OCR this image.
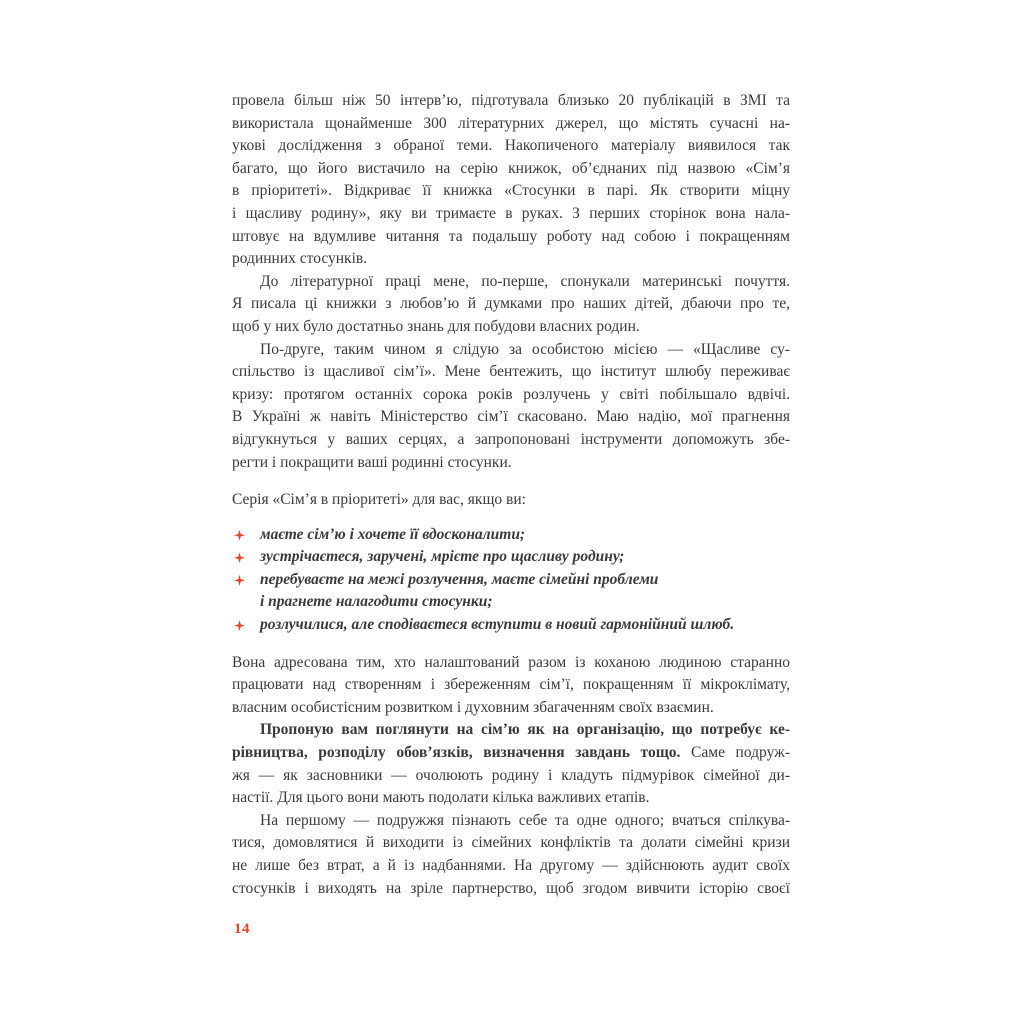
провела більш ніж 50 інтерв’ю, підготувала близько 20 публікацій в ЗМІ та
використала щонайменше 300 літературних джерел, що містять сучасні на-
укові дослідження з обраної теми. Накопиченого матеріалу виявилося так
багато, що його вистачило на серію книжок, об’єднаних під назвою «Сім’я
в пріоритеті». Відкриває її книжка «Стосунки в парі. Як створити міцну
і щасливу родину», яку ви тримаєте в руках. З перших сторінок вона нала-
штовує на вдумливе читання та подальшу роботу над собою і покращенням
родинних стосунків.
До літературної праці мене, по-перше, спонукали материнські почуття.
Я писала ці книжки з любов’ю й думками про наших дітей, дбаючи про те,
щоб у них було достатньо знань для побудови власних родин.
По-друге, таким чином я слідую за особистою місією — «Щасливе су-
спільство із щасливої сім’ї». Мене бентежить, що інститут шлюбу переживає
кризу: протягом останніх сорока років розлучень у світі побільшало вдвічі.
В Україні ж навіть Міністерство сім’ї скасовано. Маю надію, мої прагнення
відгукнуться у ваших серцях, а запропоновані інструменти допоможуть збе-
регти і покращити ваші родинні стосунки.
Серія «Сім’я в пріоритеті» для вас, якщо ви:
маєте сім’ю і хочете її вдосконалити;
зустрічаєтеся, заручені, мрієте про щасливу родину;
перебуваєте на межі розлучення, маєте сімейні проблеми
і прагнете налагодити стосунки;
розлучилися, але сподіваєтеся вступити в новий гармонійний шлюб.
Вона адресована тим, хто налаштований разом із коханою людиною старанно
працювати над створенням і збереженням сім’ї, покращенням її мікроклімату,
власним особистісним розвитком і духовним збагаченням своїх взаємин.
Пропоную вам поглянути на сім’ю як на організацію, що потребує ке-
рівництва, розподілу обов’язків, визначення завдань тощо. Саме подруж-
жя — як засновники — очолюють родину і кладуть підмурівок сімейної ди-
настії. Для цього вони мають подолати кілька важливих етапів.
На першому — подружжя пізнають себе та одне одного; вчаться спілкува-
тися, домовлятися й виходити із сімейних конфліктів та долати сімейні кризи
не лише без втрат, а й із надбаннями. На другому — здійснюють аудит своїх
стосунків і виходять на зріле партнерство, щоб згодом вивчити історію своєї
14
